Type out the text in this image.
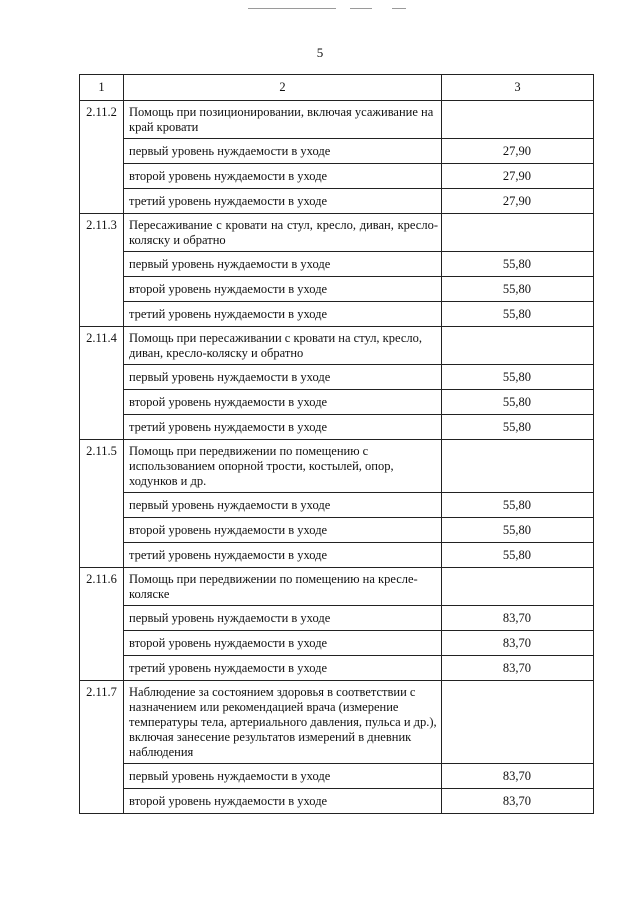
5
1	2	3
2.11.2	Помощь при позиционировании, включая усаживание на край кровати	
	первый уровень нуждаемости в уходе	27,90
	второй уровень нуждаемости в уходе	27,90
	третий уровень нуждаемости в уходе	27,90
2.11.3	Пересаживание с кровати на стул, кресло, диван, кресло-коляску и обратно	
	первый уровень нуждаемости в уходе	55,80
	второй уровень нуждаемости в уходе	55,80
	третий уровень нуждаемости в уходе	55,80
2.11.4	Помощь при пересаживании с кровати на стул, кресло, диван, кресло-коляску и обратно	
	первый уровень нуждаемости в уходе	55,80
	второй уровень нуждаемости в уходе	55,80
	третий уровень нуждаемости в уходе	55,80
2.11.5	Помощь при передвижении по помещению с использованием опорной трости, костылей, опор, ходунков и др.	
	первый уровень нуждаемости в уходе	55,80
	второй уровень нуждаемости в уходе	55,80
	третий уровень нуждаемости в уходе	55,80
2.11.6	Помощь при передвижении по помещению на кресле-коляске	
	первый уровень нуждаемости в уходе	83,70
	второй уровень нуждаемости в уходе	83,70
	третий уровень нуждаемости в уходе	83,70
2.11.7	Наблюдение за состоянием здоровья в соответствии с назначением или рекомендацией врача (измерение температуры тела, артериального давления, пульса и др.), включая занесение результатов измерений в дневник наблюдения	
	первый уровень нуждаемости в уходе	83,70
	второй уровень нуждаемости в уходе	83,70
